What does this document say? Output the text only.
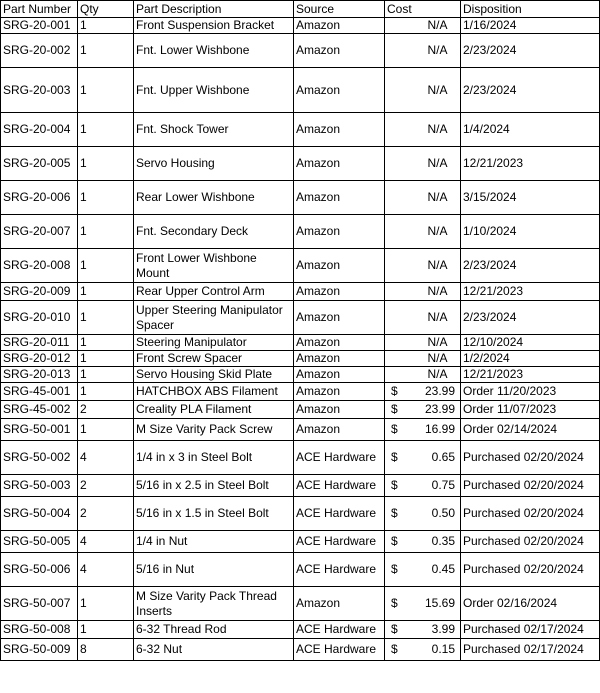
Part Number	Qty	Part Description	Source	Cost	Disposition
SRG-20-001	1	Front Suspension Bracket	Amazon	N/A	1/16/2024
SRG-20-002	1	Fnt. Lower Wishbone	Amazon	N/A	2/23/2024
SRG-20-003	1	Fnt. Upper Wishbone	Amazon	N/A	2/23/2024
SRG-20-004	1	Fnt. Shock Tower	Amazon	N/A	1/4/2024
SRG-20-005	1	Servo Housing	Amazon	N/A	12/21/2023
SRG-20-006	1	Rear Lower Wishbone	Amazon	N/A	3/15/2024
SRG-20-007	1	Fnt. Secondary Deck	Amazon	N/A	1/10/2024
SRG-20-008	1	Front Lower Wishbone Mount	Amazon	N/A	2/23/2024
SRG-20-009	1	Rear Upper Control Arm	Amazon	N/A	12/21/2023
SRG-20-010	1	Upper Steering Manipulator Spacer	Amazon	N/A	2/23/2024
SRG-20-011	1	Steering Manipulator	Amazon	N/A	12/10/2024
SRG-20-012	1	Front Screw Spacer	Amazon	N/A	1/2/2024
SRG-20-013	1	Servo Housing Skid Plate	Amazon	N/A	12/21/2023
SRG-45-001	1	HATCHBOX ABS Filament	Amazon	$ 23.99	Order 11/20/2023
SRG-45-002	2	Creality PLA Filament	Amazon	$ 23.99	Order 11/07/2023
SRG-50-001	1	M Size Varity Pack Screw	Amazon	$ 16.99	Order 02/14/2024
SRG-50-002	4	1/4 in x 3 in Steel Bolt	ACE Hardware	$ 0.65	Purchased 02/20/2024
SRG-50-003	2	5/16 in x 2.5 in Steel Bolt	ACE Hardware	$ 0.75	Purchased 02/20/2024
SRG-50-004	2	5/16 in x 1.5 in Steel Bolt	ACE Hardware	$ 0.50	Purchased 02/20/2024
SRG-50-005	4	1/4 in Nut	ACE Hardware	$ 0.35	Purchased 02/20/2024
SRG-50-006	4	5/16 in Nut	ACE Hardware	$ 0.45	Purchased 02/20/2024
SRG-50-007	1	M Size Varity Pack Thread Inserts	Amazon	$ 15.69	Order 02/16/2024
SRG-50-008	1	6-32 Thread Rod	ACE Hardware	$ 3.99	Purchased 02/17/2024
SRG-50-009	8	6-32 Nut	ACE Hardware	$ 0.15	Purchased 02/17/2024
